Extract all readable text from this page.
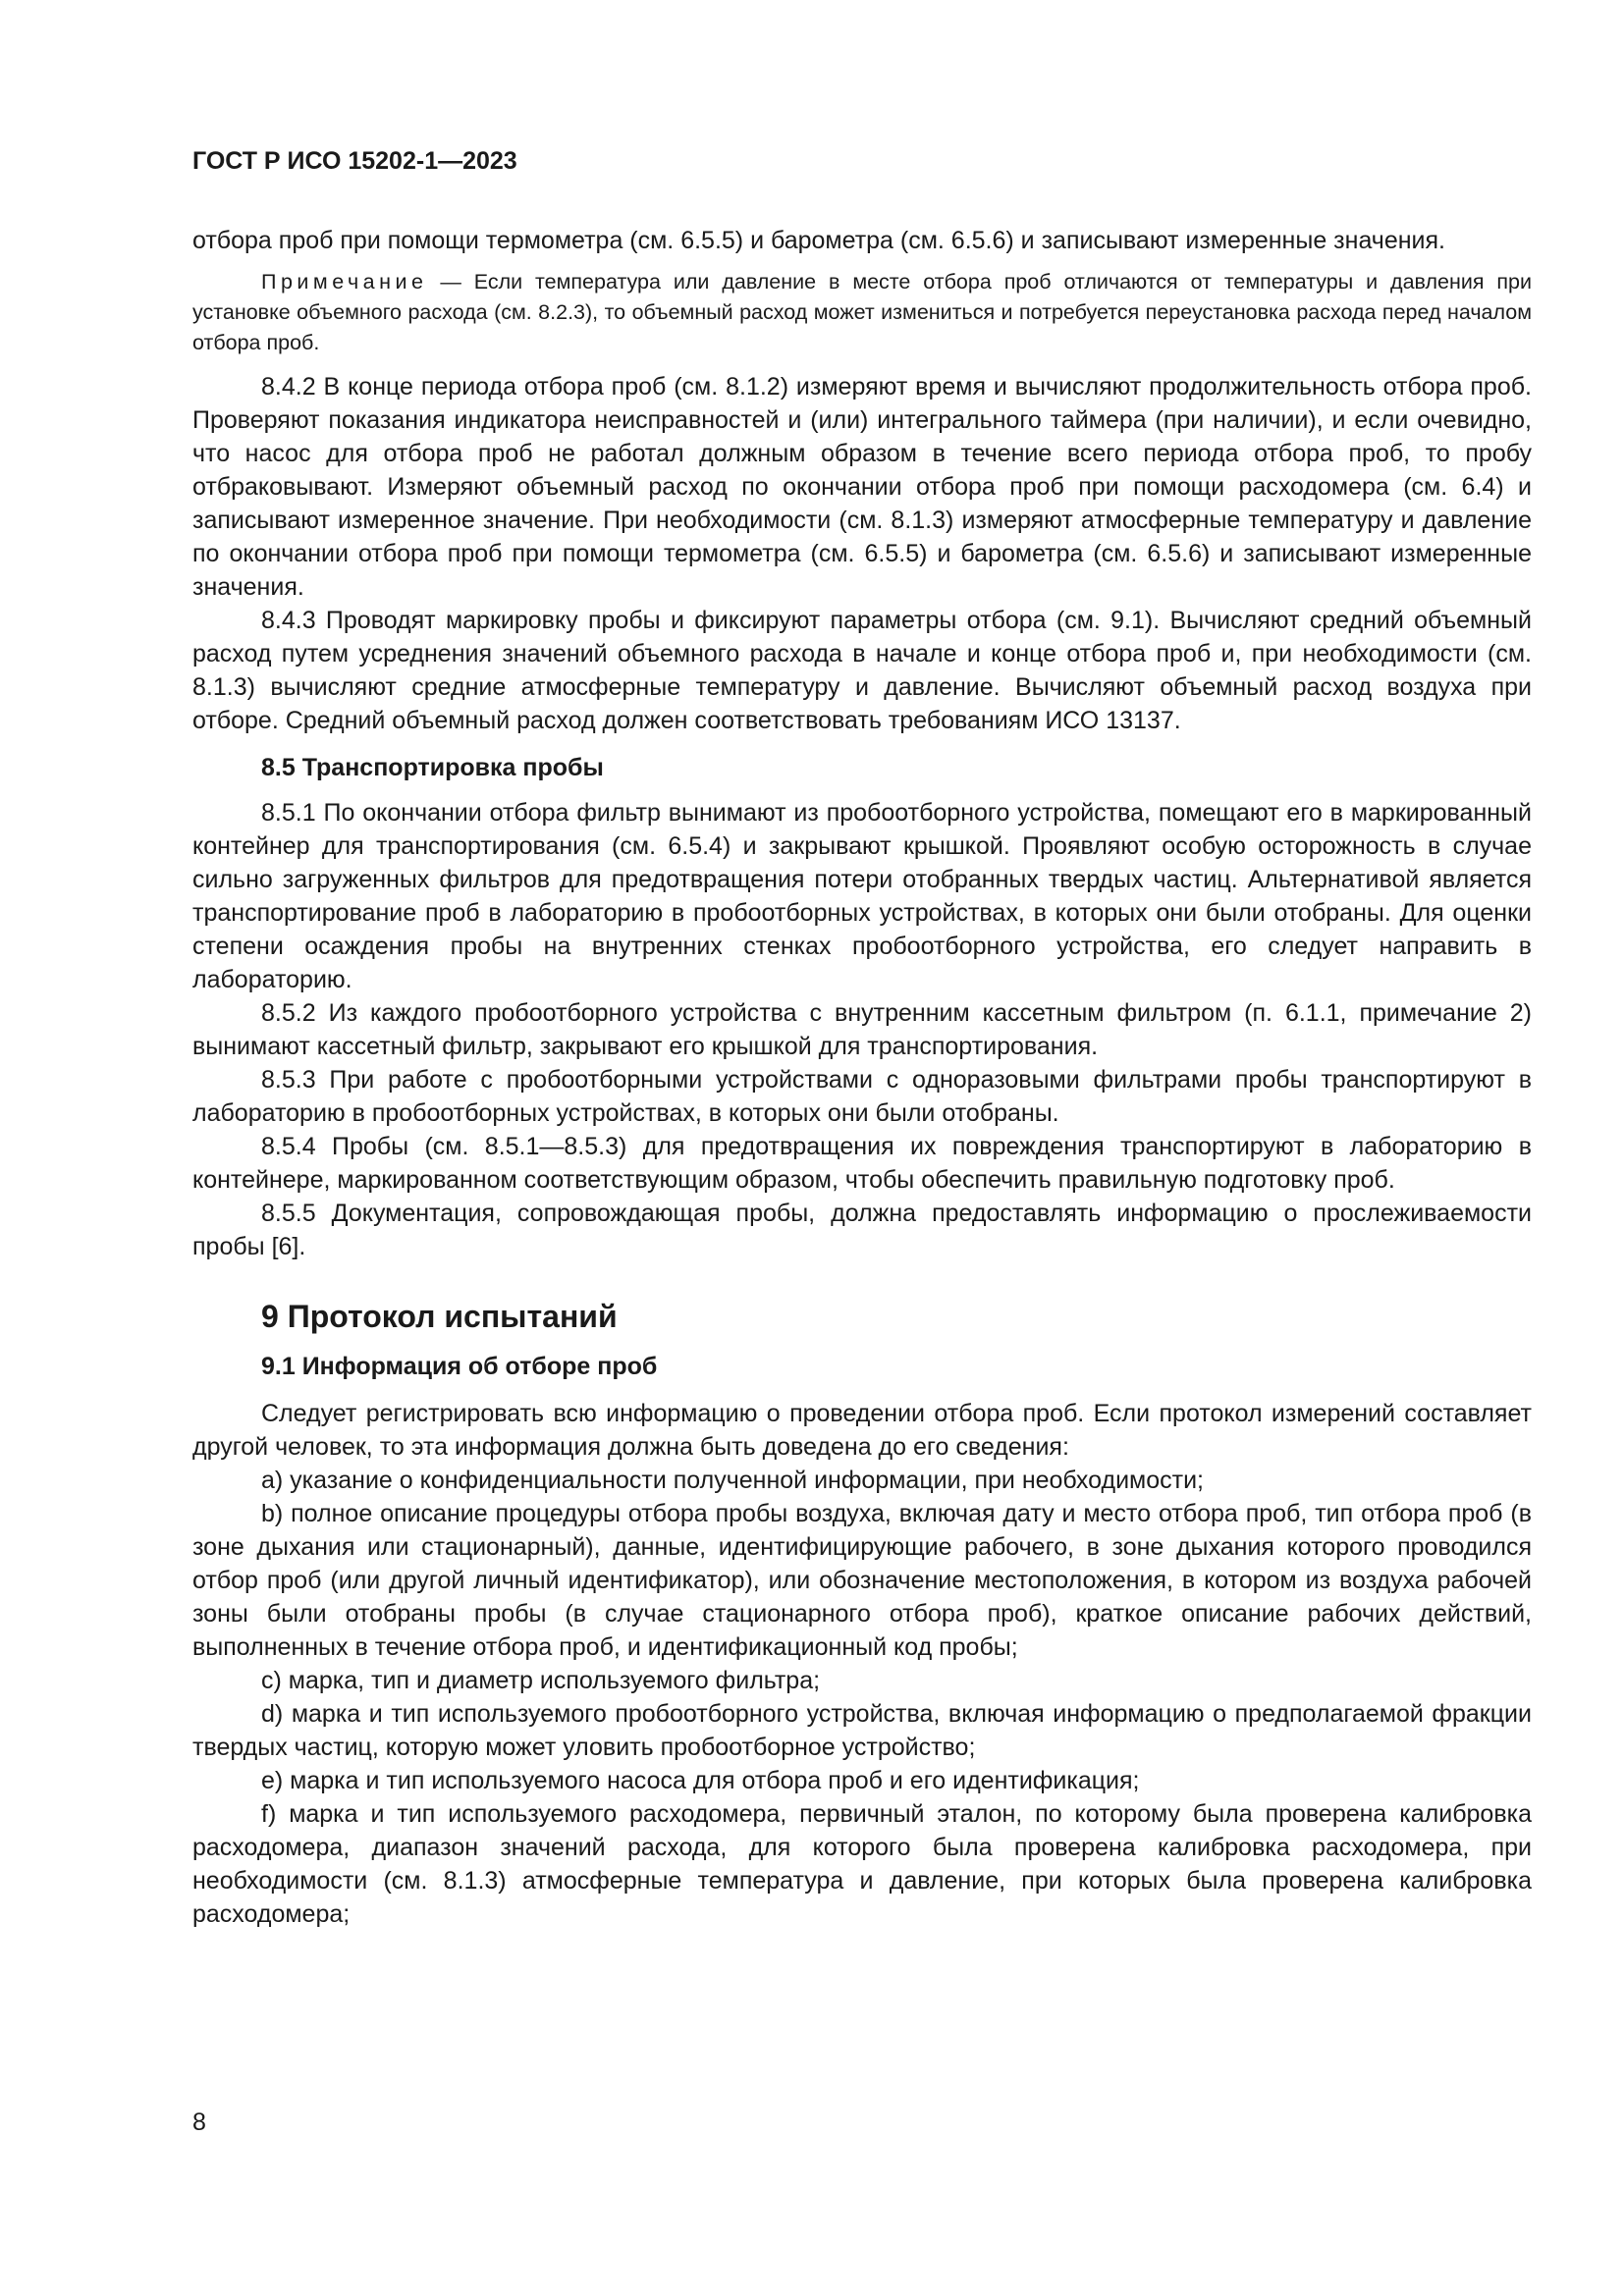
ГОСТ Р ИСО 15202-1—2023

отбора проб при помощи термометра (см. 6.5.5) и барометра (см. 6.5.6) и записывают измеренные значения.

Примечание — Если температура или давление в месте отбора проб отличаются от температуры и давления при установке объемного расхода (см. 8.2.3), то объемный расход может измениться и потребуется переустановка расхода перед началом отбора проб.

8.4.2 В конце периода отбора проб (см. 8.1.2) измеряют время и вычисляют продолжительность отбора проб. Проверяют показания индикатора неисправностей и (или) интегрального таймера (при наличии), и если очевидно, что насос для отбора проб не работал должным образом в течение всего периода отбора проб, то пробу отбраковывают. Измеряют объемный расход по окончании отбора проб при помощи расходомера (см. 6.4) и записывают измеренное значение. При необходимости (см. 8.1.3) измеряют атмосферные температуру и давление по окончании отбора проб при помощи термометра (см. 6.5.5) и барометра (см. 6.5.6) и записывают измеренные значения.

8.4.3 Проводят маркировку пробы и фиксируют параметры отбора (см. 9.1). Вычисляют средний объемный расход путем усреднения значений объемного расхода в начале и конце отбора проб и, при необходимости (см. 8.1.3) вычисляют средние атмосферные температуру и давление. Вычисляют объемный расход воздуха при отборе. Средний объемный расход должен соответствовать требованиям ИСО 13137.

8.5 Транспортировка пробы

8.5.1 По окончании отбора фильтр вынимают из пробоотборного устройства, помещают его в маркированный контейнер для транспортирования (см. 6.5.4) и закрывают крышкой. Проявляют особую осторожность в случае сильно загруженных фильтров для предотвращения потери отобранных твердых частиц. Альтернативой является транспортирование проб в лабораторию в пробоотборных устройствах, в которых они были отобраны. Для оценки степени осаждения пробы на внутренних стенках пробоотборного устройства, его следует направить в лабораторию.

8.5.2 Из каждого пробоотборного устройства с внутренним кассетным фильтром (п. 6.1.1, примечание 2) вынимают кассетный фильтр, закрывают его крышкой для транспортирования.

8.5.3 При работе с пробоотборными устройствами с одноразовыми фильтрами пробы транспортируют в лабораторию в пробоотборных устройствах, в которых они были отобраны.

8.5.4 Пробы (см. 8.5.1—8.5.3) для предотвращения их повреждения транспортируют в лабораторию в контейнере, маркированном соответствующим образом, чтобы обеспечить правильную подготовку проб.

8.5.5 Документация, сопровождающая пробы, должна предоставлять информацию о прослеживаемости пробы [6].

9 Протокол испытаний
9.1 Информация об отборе проб

Следует регистрировать всю информацию о проведении отбора проб. Если протокол измерений составляет другой человек, то эта информация должна быть доведена до его сведения:

а) указание о конфиденциальности полученной информации, при необходимости;

b) полное описание процедуры отбора пробы воздуха, включая дату и место отбора проб, тип отбора проб (в зоне дыхания или стационарный), данные, идентифицирующие рабочего, в зоне дыхания которого проводился отбор проб (или другой личный идентификатор), или обозначение местоположения, в котором из воздуха рабочей зоны были отобраны пробы (в случае стационарного отбора проб), краткое описание рабочих действий, выполненных в течение отбора проб, и идентификационный код пробы;

c) марка, тип и диаметр используемого фильтра;

d) марка и тип используемого пробоотборного устройства, включая информацию о предполагаемой фракции твердых частиц, которую может уловить пробоотборное устройство;

e) марка и тип используемого насоса для отбора проб и его идентификация;

f) марка и тип используемого расходомера, первичный эталон, по которому была проверена калибровка расходомера, диапазон значений расхода, для которого была проверена калибровка расходомера, при необходимости (см. 8.1.3) атмосферные температура и давление, при которых была проверена калибровка расходомера;

8
